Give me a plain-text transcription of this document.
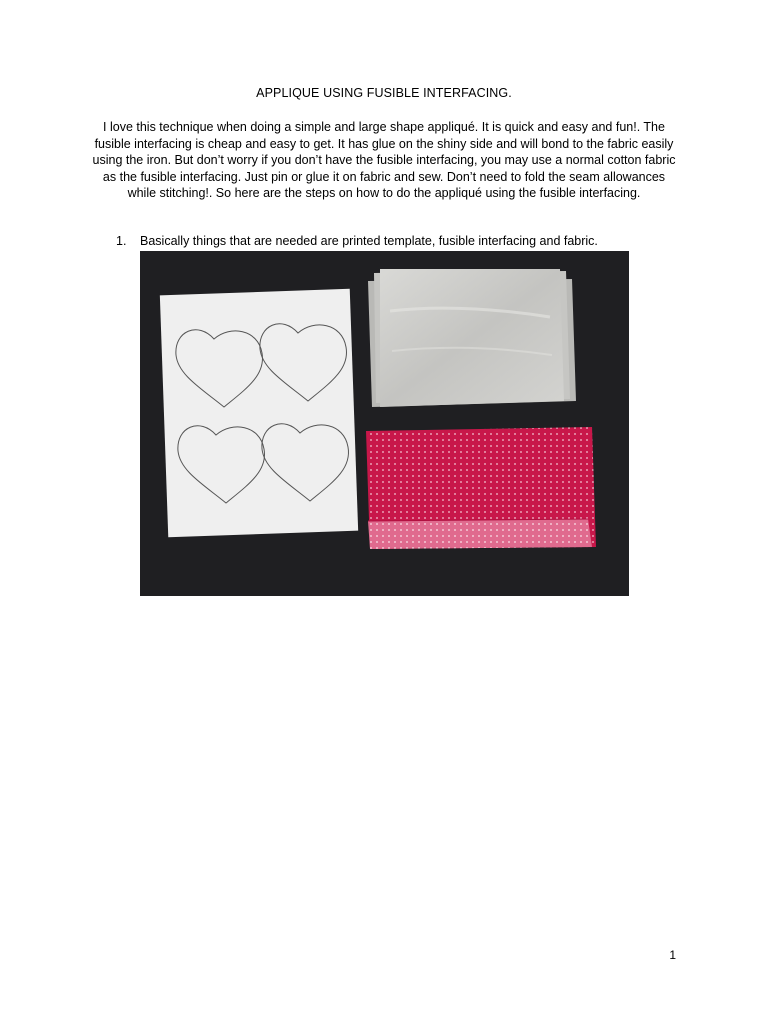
APPLIQUE USING FUSIBLE INTERFACING.
I love this technique when doing a simple and large shape appliqué. It is quick and easy and fun!. The fusible interfacing is cheap and easy to get. It has glue on the shiny side and will bond to the fabric easily using the iron. But don’t worry if you don’t have the fusible interfacing, you may use a normal cotton fabric as the fusible interfacing. Just pin or glue it on fabric and sew. Don’t need to fold the seam allowances while stitching!. So here are the steps on how to do the appliqué using the fusible interfacing.
1.	Basically things that are needed are printed template, fusible interfacing and fabric.
1
